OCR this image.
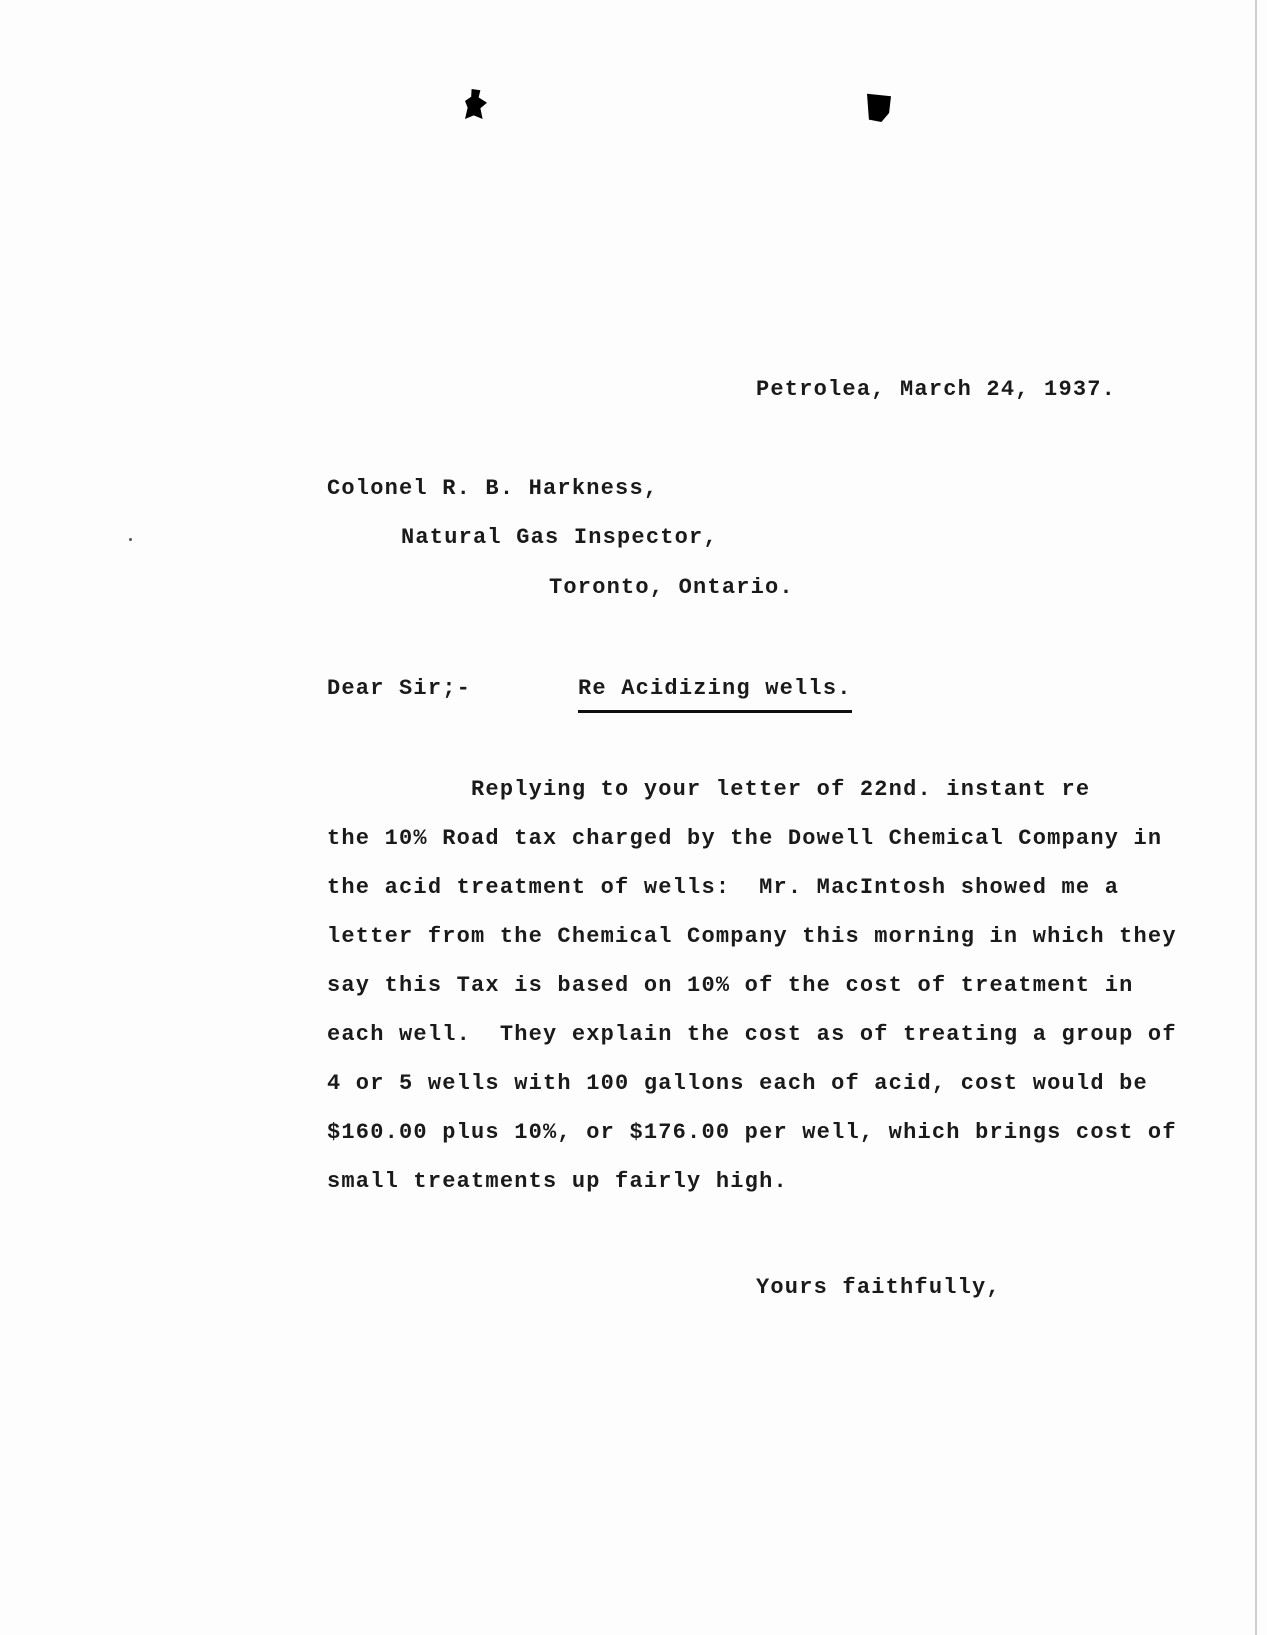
Petrolea, March 24, 1937.
Colonel R. B. Harkness,
Natural Gas Inspector,
Toronto, Ontario.
Dear Sir;-	Re Acidizing wells.
Replying to your letter of 22nd. instant re
the 10% Road tax charged by the Dowell Chemical Company in
the acid treatment of wells:  Mr. MacIntosh showed me a
letter from the Chemical Company this morning in which they
say this Tax is based on 10% of the cost of treatment in
each well.  They explain the cost as of treating a group of
4 or 5 wells with 100 gallons each of acid, cost would be
$160.00 plus 10%, or $176.00 per well, which brings cost of
small treatments up fairly high.
Yours faithfully,
